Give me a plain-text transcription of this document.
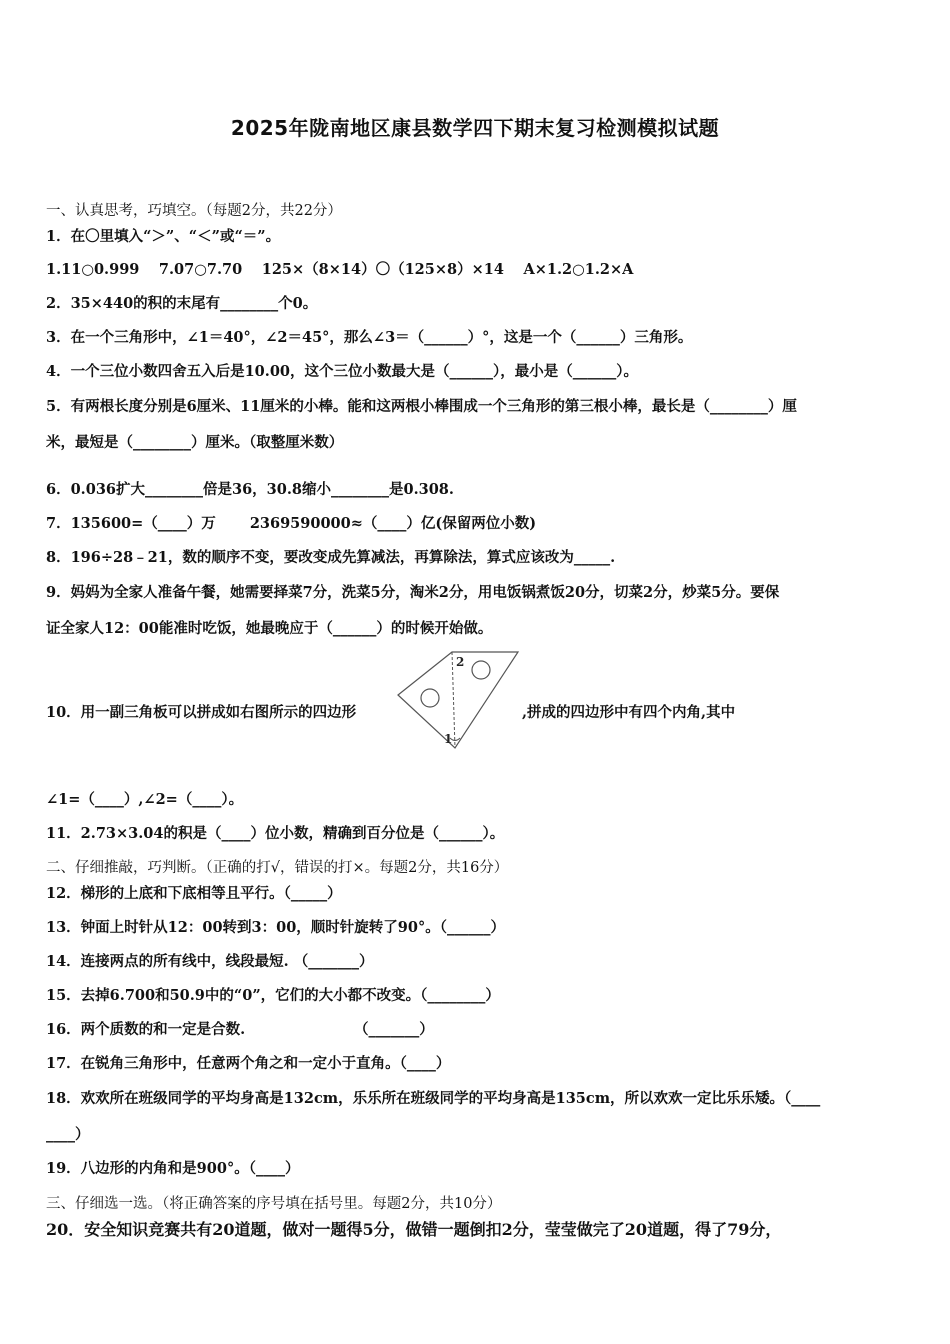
2025年陇南地区康县数学四下期末复习检测模拟试题
一、认真思考，巧填空。（每题2分，共22分）
1．在〇里填入“＞”、“＜”或“＝”。
1.11○0.999　 7.07○7.70　 125×（8×14）〇（125×8）×14　 A×1.2○1.2×A
2．35×440的积的末尾有________个0。
3．在一个三角形中，∠1＝40°，∠2＝45°，那么∠3＝（______）°，这是一个（______）三角形。
4．一个三位小数四舍五入后是10.00，这个三位小数最大是（______），最小是（______）。
5．有两根长度分别是6厘米、11厘米的小棒。能和这两根小棒围成一个三角形的第三根小棒，最长是（________）厘
米，最短是（________）厘米。（取整厘米数）
6．0.036扩大________倍是36，30.8缩小________是0.308.
7．135600=（____）万　　 2369590000≈（____）亿(保留两位小数)
8．196÷28﹣21，数的顺序不变，要改变成先算减法，再算除法，算式应该改为_____.
9．妈妈为全家人准备午餐，她需要择菜7分，洗菜5分，淘米2分，用电饭锅煮饭20分，切菜2分，炒菜5分。要保
证全家人12：00能准时吃饭，她最晚应于（______）的时候开始做。
10．用一副三角板可以拼成如右图所示的四边形	,拼成的四边形中有四个内角,其中
2
1
∠1=（____）,∠2=（____）。
11．2.73×3.04的积是（____）位小数，精确到百分位是（______）。
二、仔细推敲，巧判断。（正确的打√，错误的打×。每题2分，共16分）
12．梯形的上底和下底相等且平行。（_____）
13．钟面上时针从12：00转到3：00，顺时针旋转了90°。（______）
14．连接两点的所有线中，线段最短. （_______）
15．去掉6.700和50.9中的“0”，它们的大小都不改变。（________）
16．两个质数的和一定是合数.　　　　　　　　（_______）
17．在锐角三角形中，任意两个角之和一定小于直角。（____）
18．欢欢所在班级同学的平均身高是132cm，乐乐所在班级同学的平均身高是135cm，所以欢欢一定比乐乐矮。（____
____）
19．八边形的内角和是900°。（____）
三、仔细选一选。（将正确答案的序号填在括号里。每题2分，共10分）
20．安全知识竞赛共有20道题，做对一题得5分，做错一题倒扣2分，莹莹做完了20道题，得了79分，
